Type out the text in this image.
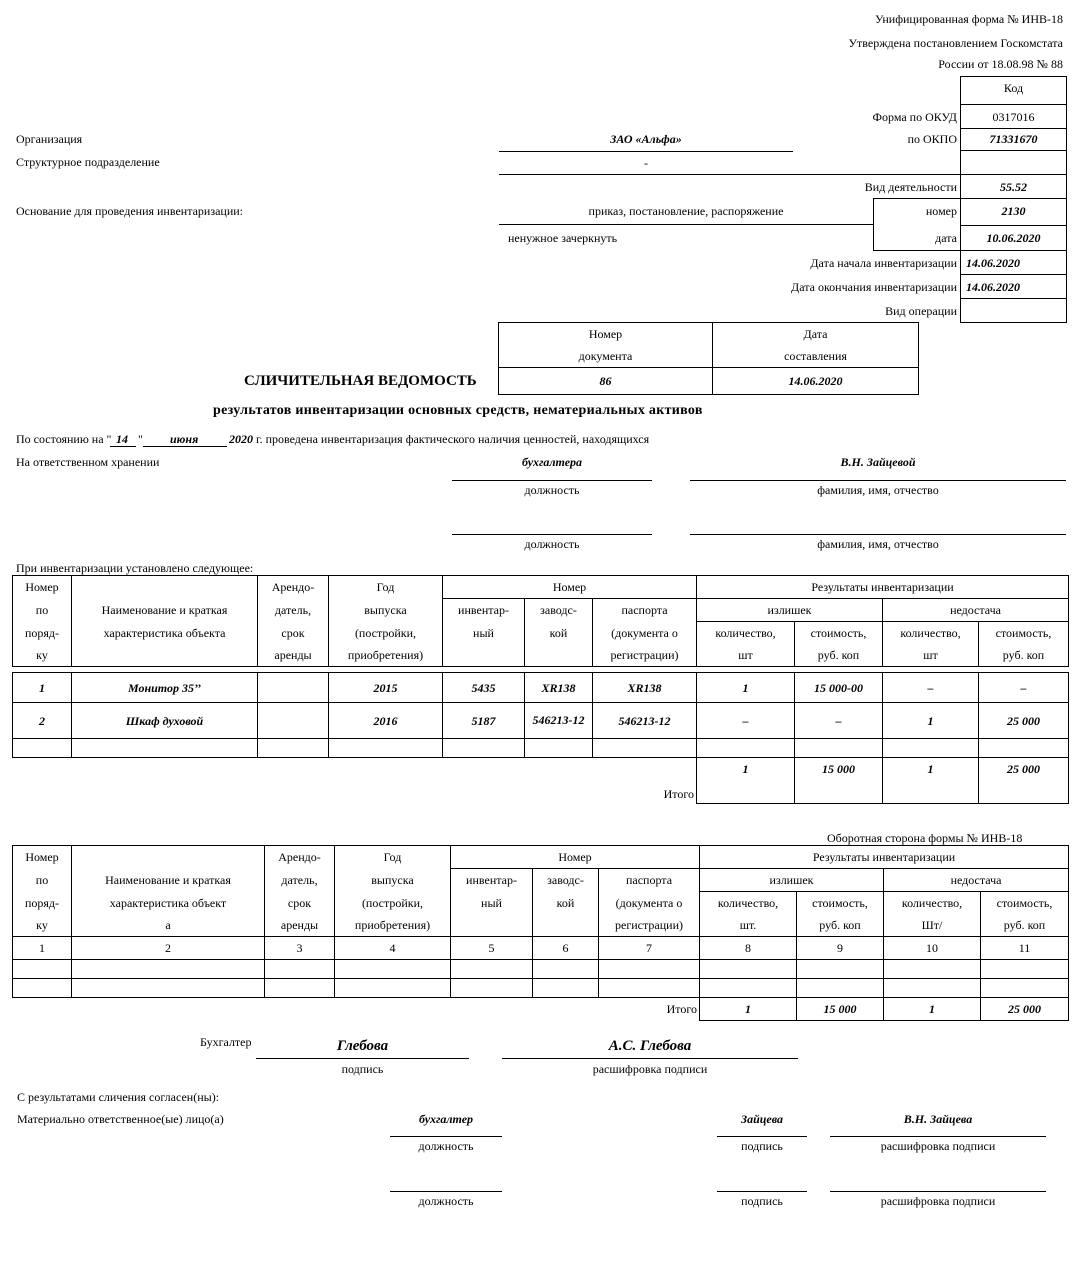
Унифицированная форма № ИНВ-18
Утверждена постановлением Госкомстата
России от 18.08.98 № 88
Код
Форма по ОКУД	0317016
по ОКПО	71331670
Вид деятельности	55.52
номер	2130
дата	10.06.2020
Дата начала инвентаризации 14.06.2020
Дата окончания инвентаризации 14.06.2020
Вид операции
Организация	ЗАО «Альфа»
Структурное подразделение	-
Основание для проведения инвентаризации:	приказ, постановление, распоряжение
ненужное зачеркнуть
Номер	Дата
документа	составления
86	14.06.2020
СЛИЧИТЕЛЬНАЯ ВЕДОМОСТЬ
результатов инвентаризации основных средств, нематериальных активов
По состоянию на " 14 " июня	2020 г. проведена инвентаризация фактического наличия ценностей, находящихся
На ответственном хранении	бухгалтера	В.Н. Зайцевой
должность	фамилия, имя, отчество
должность	фамилия, имя, отчество
При инвентаризации установлено следующее:
Номер		Арендо-	Год	Номер			Результаты инвентаризации			
по	Наименование и краткая	датель,	выпуска	инвентар-	заводс-	паспорта	излишек		недостача	
поряд-	характеристика объекта	срок	(постройки,	ный	кой	(документа о	количество,	стоимость,	количество,	стоимость,
ку		аренды	приобретения)			регистрации)	шт	руб. коп	шт	руб. коп

1	Монитор 35’’		2015	5435	XR138	XR138	1	15 000-00	–	–
2	Шкаф духовой		2016	5187	546213-12	546213-12	–	–	1	25 000

Итого							1	15 000	1	25 000
Оборотная сторона формы № ИНВ-18
Номер		Арендо-	Год	Номер			Результаты инвентаризации			
по	Наименование и краткая	датель,	выпуска	инвентар-	заводс-	паспорта	излишек		недостача	
поряд-	характеристика объект	срок	(постройки,	ный	кой	(документа о	количество,	стоимость,	количество,	стоимость,
ку	а	аренды	приобретения)			регистрации)	шт.	руб. коп	Шт/	руб. коп
1	2	3	4	5	6	7	8	9	10	11

Итого							1	15 000	1	25 000
Бухгалтер	Глебова	А.С. Глебова
подпись	расшифровка подписи
С результатами сличения согласен(ны):
Материально ответственное(ые) лицо(а)	бухгалтер	Зайцева	В.Н. Зайцева
должность	подпись	расшифровка подписи
должность	подпись	расшифровка подписи
